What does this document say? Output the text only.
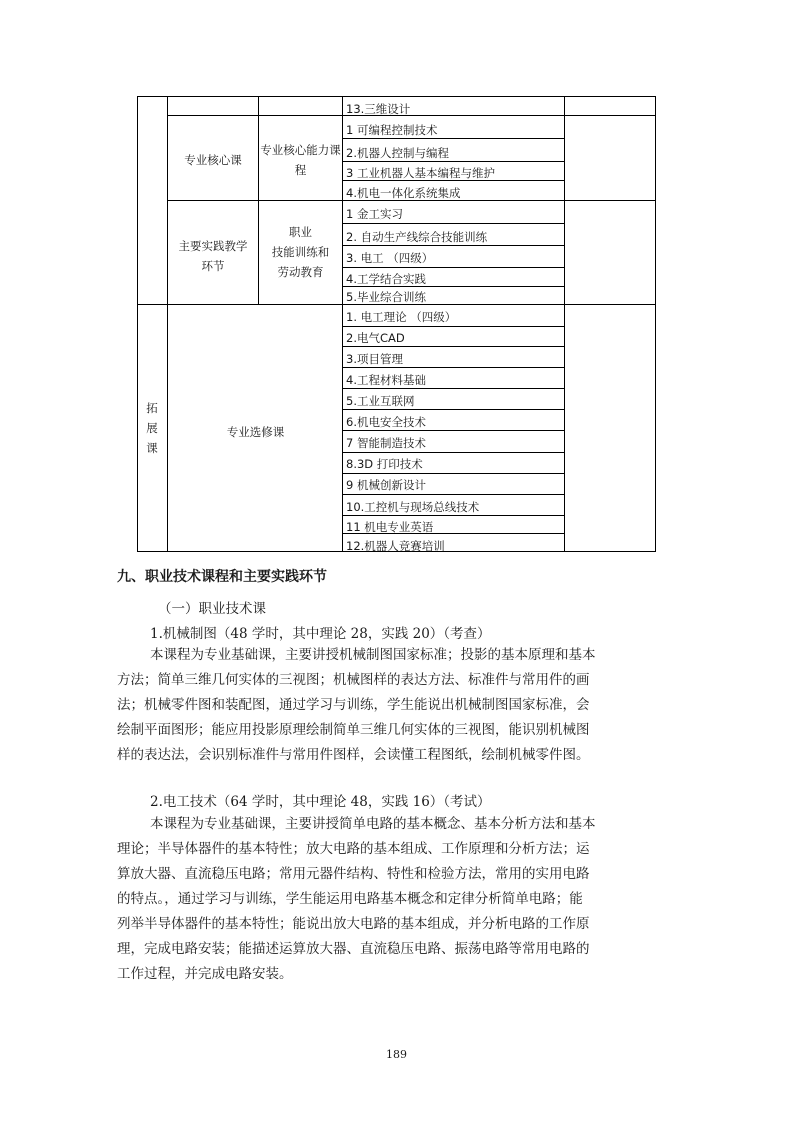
13.三维设计
1 可编程控制技术
2.机器人控制与编程
3 工业机器人基本编程与维护
4.机电一体化系统集成
1 金工实习
2. 自动生产线综合技能训练
3. 电工 （四级）
4.工学结合实践
5.毕业综合训练
1. 电工理论 （四级）
2.电气CAD
3.项目管理
4.工程材料基础
5.工业互联网
6.机电安全技术
7 智能制造技术
8.3D 打印技术
9 机械创新设计
10.工控机与现场总线技术
11 机电专业英语
12.机器人竞赛培训
专业核心课
专业核心能力课
程
主要实践教学
环节
职业
技能训练和
劳动教育
拓
展
课
专业选修课
九、职业技术课程和主要实践环节
（一）职业技术课
1.机械制图（48 学时，其中理论 28，实践 20）（考查）
本课程为专业基础课，主要讲授机械制图国家标准；投影的基本原理和基本
方法；简单三维几何实体的三视图；机械图样的表达方法、标准件与常用件的画
法；机械零件图和装配图，通过学习与训练，学生能说出机械制图国家标准，会
绘制平面图形；能应用投影原理绘制简单三维几何实体的三视图，能识别机械图
样的表达法，会识别标准件与常用件图样，会读懂工程图纸，绘制机械零件图。
2.电工技术（64 学时，其中理论 48，实践 16）（考试）
本课程为专业基础课，主要讲授简单电路的基本概念、基本分析方法和基本
理论；半导体器件的基本特性；放大电路的基本组成、工作原理和分析方法；运
算放大器、直流稳压电路；常用元器件结构、特性和检验方法，常用的实用电路
的特点。，通过学习与训练，学生能运用电路基本概念和定律分析简单电路；能
列举半导体器件的基本特性；能说出放大电路的基本组成，并分析电路的工作原
理，完成电路安装；能描述运算放大器、直流稳压电路、振荡电路等常用电路的
工作过程，并完成电路安装。
189
